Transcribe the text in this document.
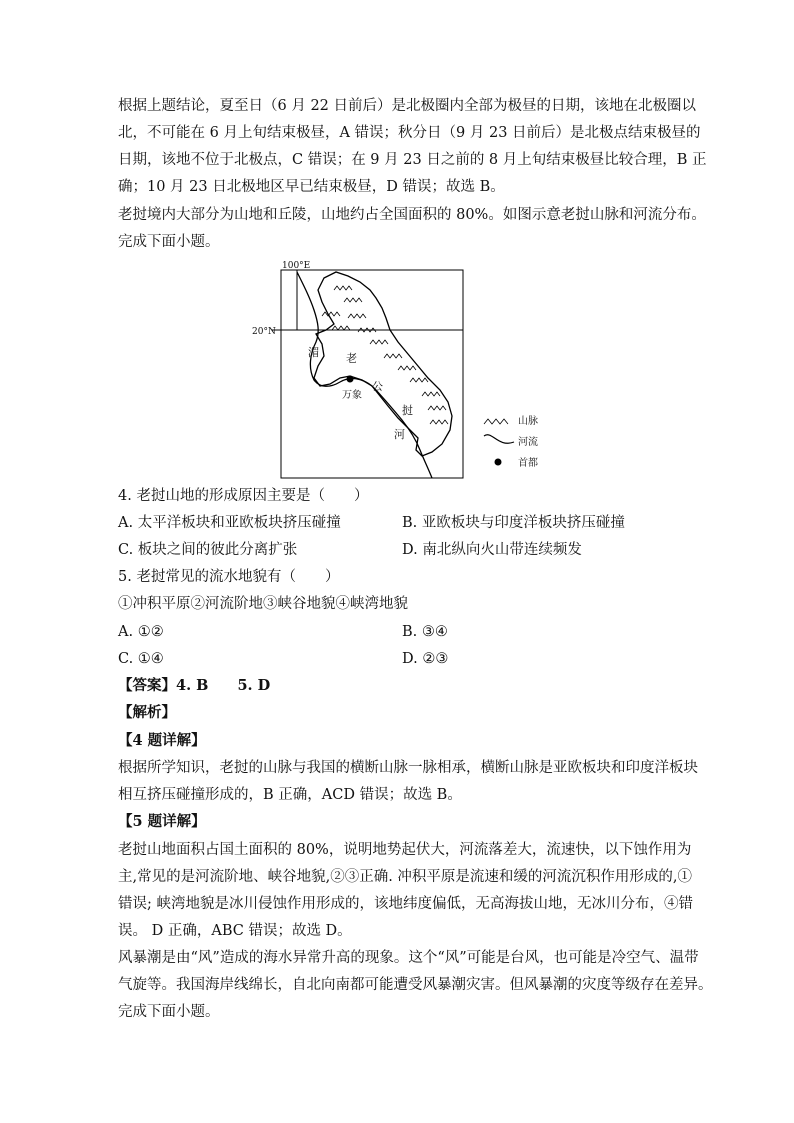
根据上题结论，夏至日（6 月 22 日前后）是北极圈内全部为极昼的日期，该地在北极圈以
北，不可能在 6 月上旬结束极昼，A 错误；秋分日（9 月 23 日前后）是北极点结束极昼的
日期，该地不位于北极点，C 错误；在 9 月 23 日之前的 8 月上旬结束极昼比较合理，B 正
确；10 月 23 日北极地区早已结束极昼，D 错误；故选 B。
老挝境内大部分为山地和丘陵，山地约占全国面积的 80%。如图示意老挝山脉和河流分布。
完成下面小题。
100°E
20°N
湄 老
公
挝
河
万象
山脉
河流
首都
4. 老挝山地的形成原因主要是（　　）
A. 太平洋板块和亚欧板块挤压碰撞	B. 亚欧板块与印度洋板块挤压碰撞
C. 板块之间的彼此分离扩张	D. 南北纵向火山带连续频发
5. 老挝常见的流水地貌有（　　）
①冲积平原②河流阶地③峡谷地貌④峡湾地貌
A. ①②	B. ③④
C. ①④	D. ②③
【答案】4. B　　5. D
【解析】
【4 题详解】
根据所学知识，老挝的山脉与我国的横断山脉一脉相承，横断山脉是亚欧板块和印度洋板块
相互挤压碰撞形成的，B 正确，ACD 错误；故选 B。
【5 题详解】
老挝山地面积占国土面积的 80%，说明地势起伏大，河流落差大，流速快，以下蚀作用为
主,常见的是河流阶地、峡谷地貌,②③正确. 冲积平原是流速和缓的河流沉积作用形成的,①
错误; 峡湾地貌是冰川侵蚀作用形成的，该地纬度偏低，无高海拔山地，无冰川分布，④错
误。 D 正确，ABC 错误；故选 D。
风暴潮是由“风”造成的海水异常升高的现象。这个“风”可能是台风，也可能是冷空气、温带
气旋等。我国海岸线绵长，自北向南都可能遭受风暴潮灾害。但风暴潮的灾度等级存在差异。
完成下面小题。
